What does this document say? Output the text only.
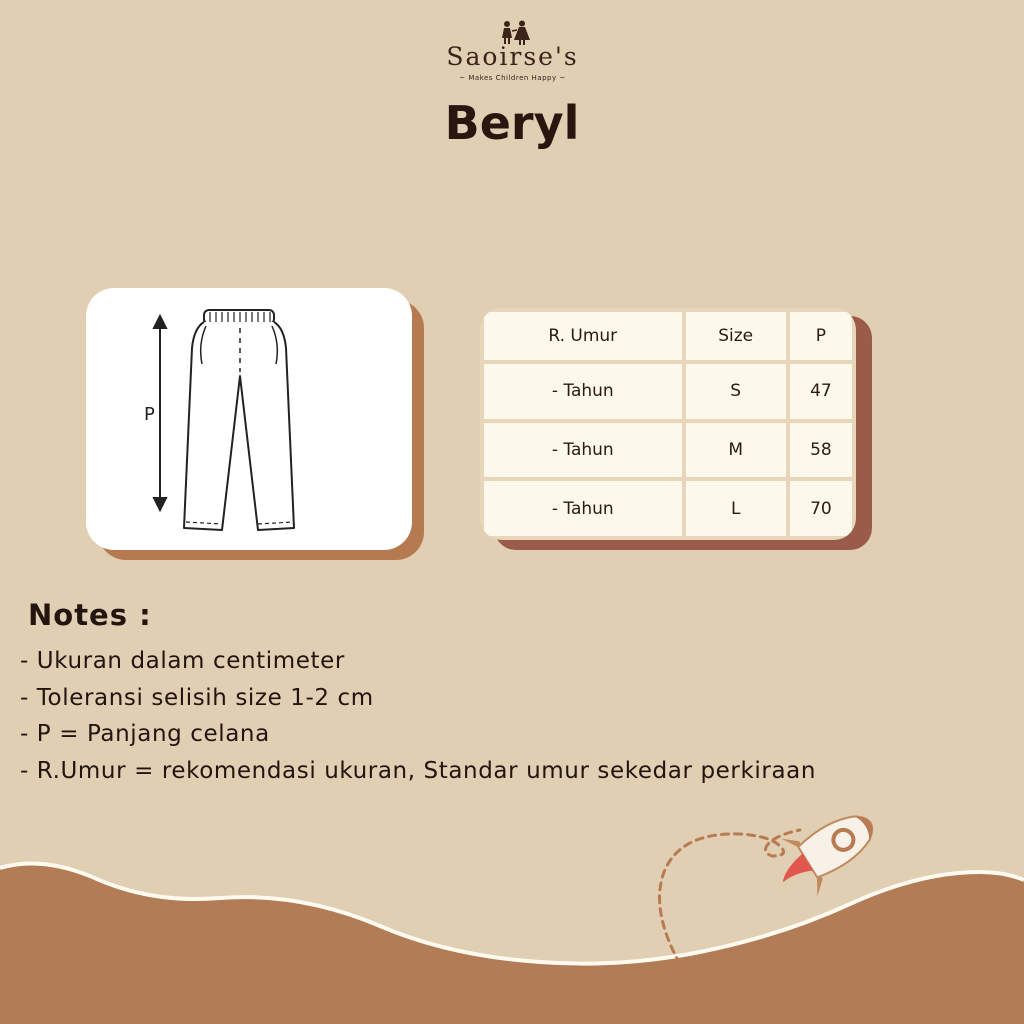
Saoirse's
~ Makes Children Happy ~
Beryl
P
R. Umur	Size	P
- Tahun	S	47
- Tahun	M	58
- Tahun	L	70
Notes :
- Ukuran dalam centimeter
- Toleransi selisih size 1-2 cm
- P = Panjang celana
- R.Umur = rekomendasi ukuran, Standar umur sekedar perkiraan
